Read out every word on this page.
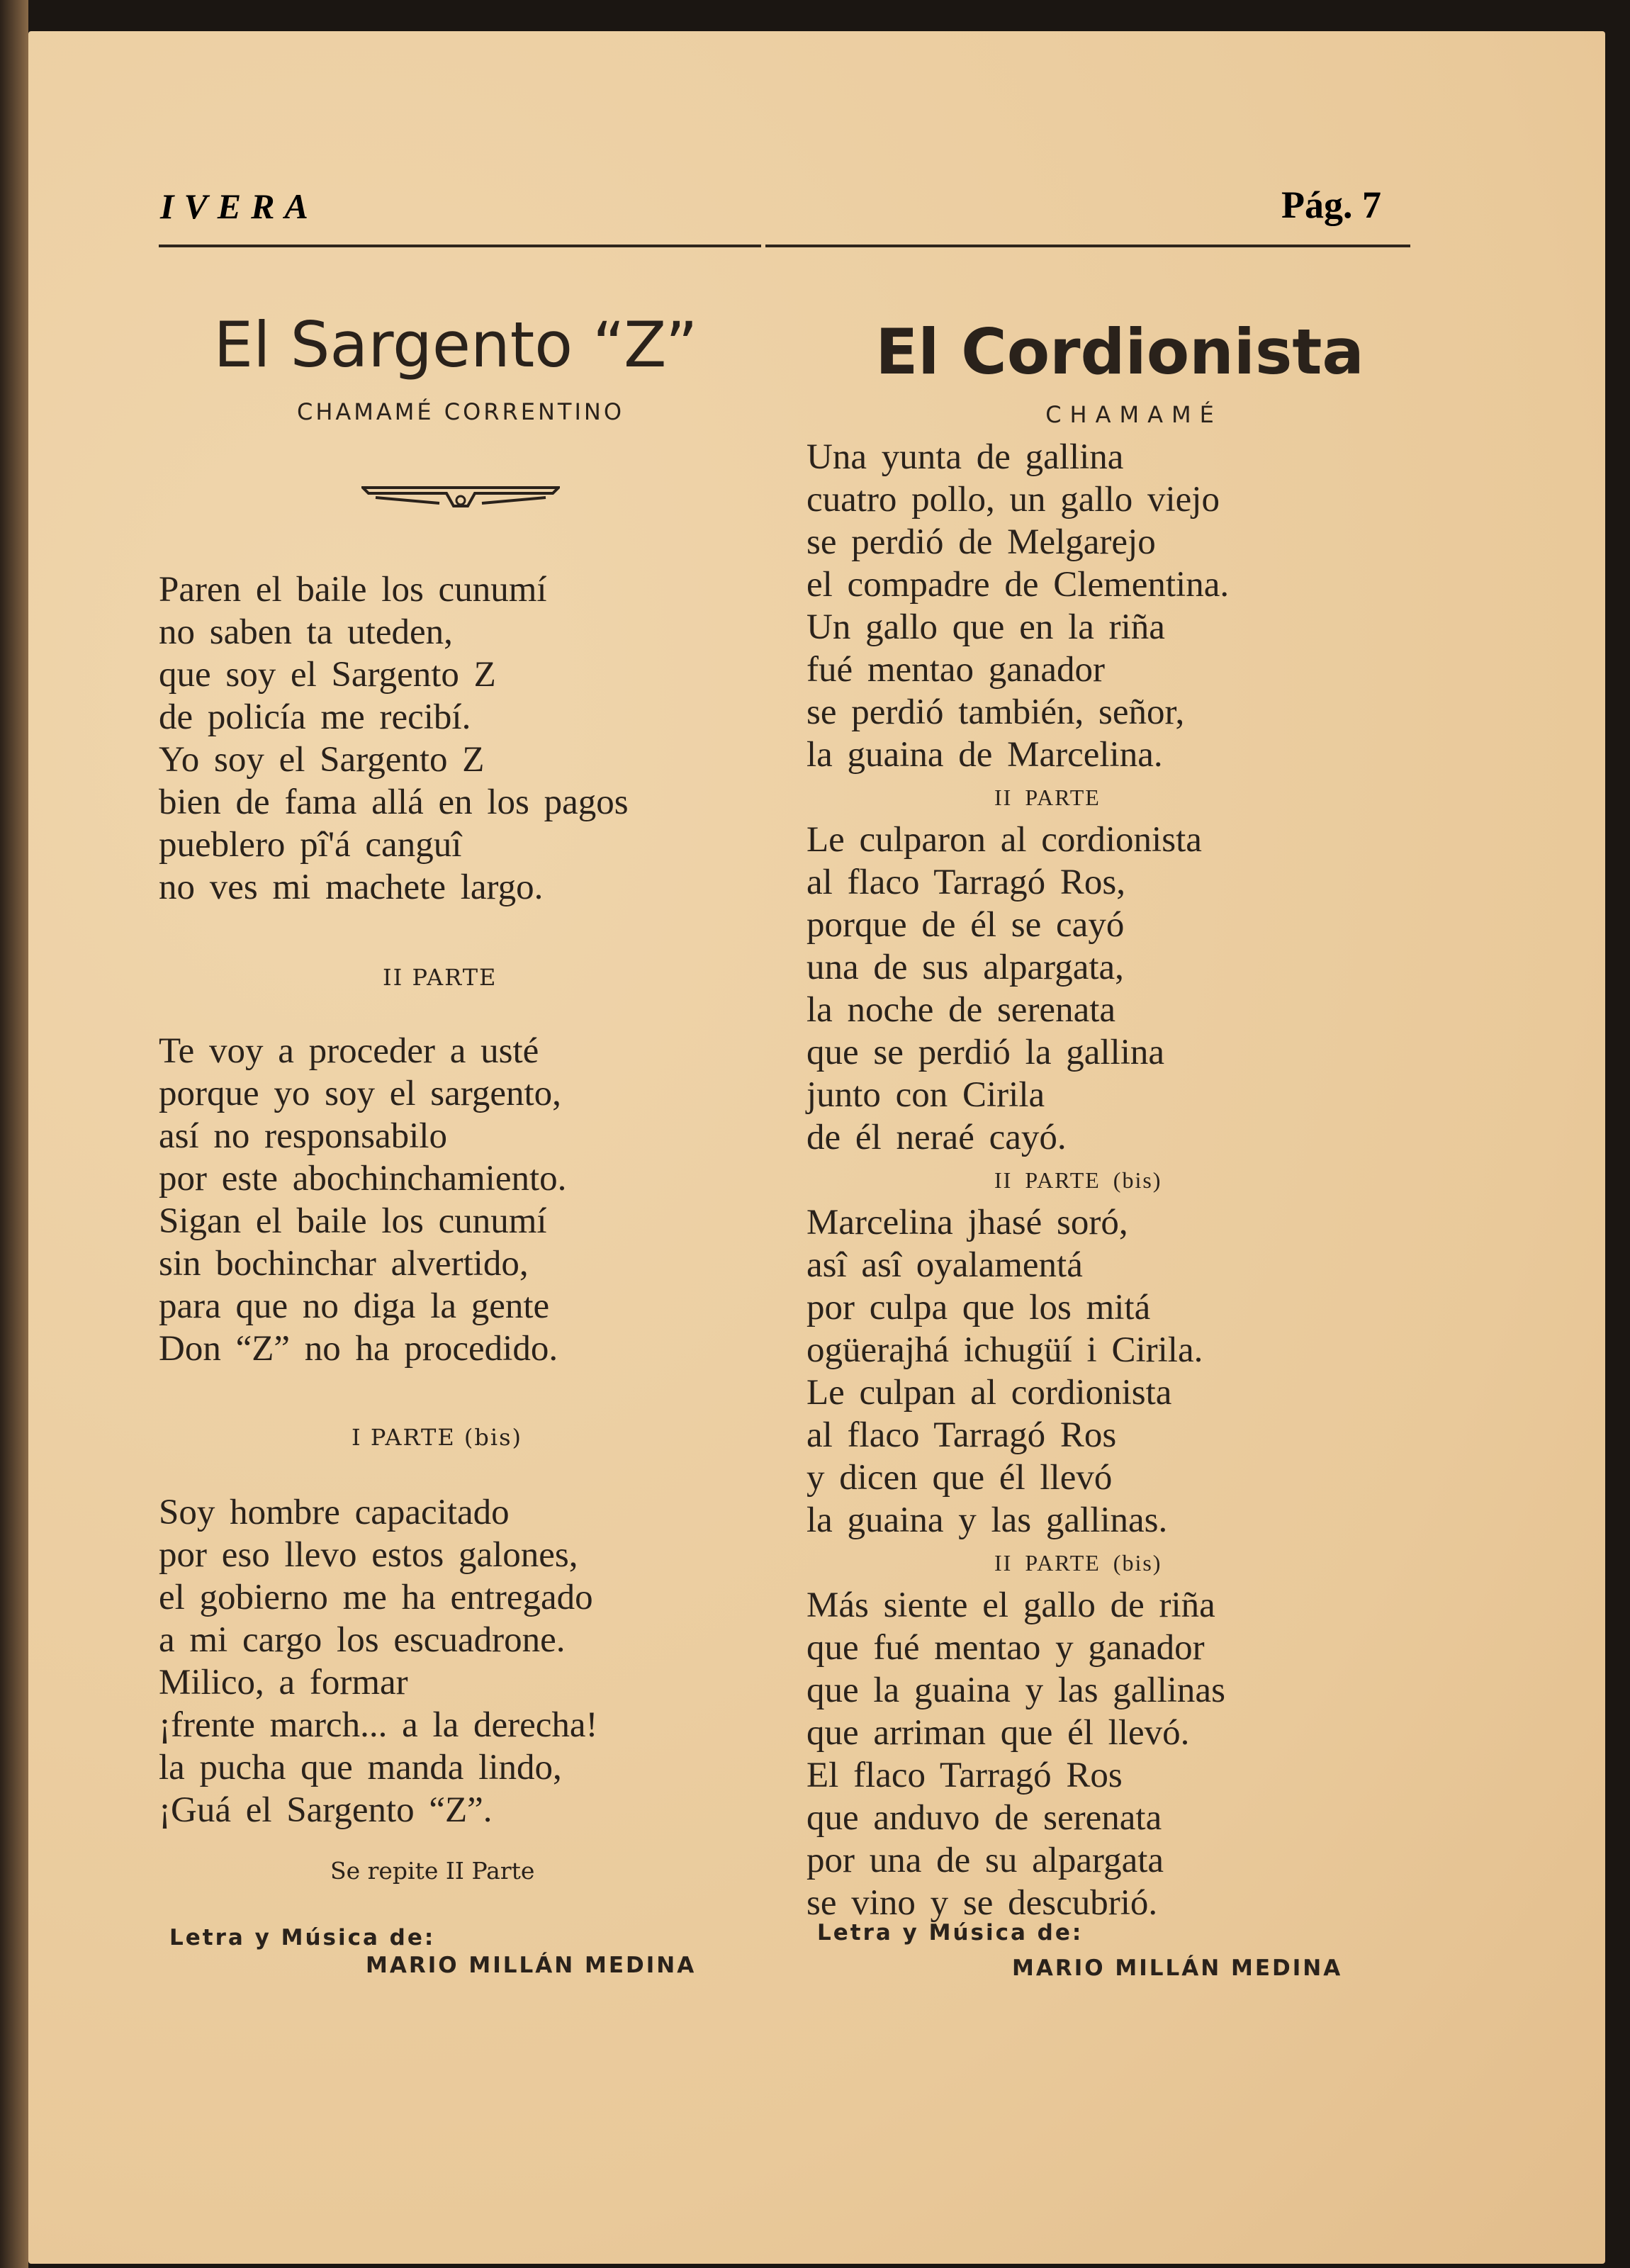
IVERA	Pág. 7
El Sargento “Z”
CHAMAMÉ CORRENTINO
Paren el baile los cunumí
no saben ta uteden,
que soy el Sargento Z
de policía me recibí.
Yo soy el Sargento Z
bien de fama allá en los pagos
pueblero pî'á canguî
no ves mi machete largo.
II PARTE
Te voy a proceder a usté
porque yo soy el sargento,
así no responsabilo
por este abochinchamiento.
Sigan el baile los cunumí
sin bochinchar alvertido,
para que no diga la gente
Don “Z” no ha procedido.
I PARTE (bis)
Soy hombre capacitado
por eso llevo estos galones,
el gobierno me ha entregado
a mi cargo los escuadrone.
Milico, a formar
¡frente march... a la derecha!
la pucha que manda lindo,
¡Guá el Sargento “Z”.
Se repite II Parte
Letra y Música de:
MARIO MILLÁN MEDINA
El Cordionista
CHAMAMÉ
Una yunta de gallina
cuatro pollo, un gallo viejo
se perdió de Melgarejo
el compadre de Clementina.
Un gallo que en la riña
fué mentao ganador
se perdió también, señor,
la guaina de Marcelina.
II PARTE
Le culparon al cordionista
al flaco Tarragó Ros,
porque de él se cayó
una de sus alpargata,
la noche de serenata
que se perdió la gallina
junto con Cirila
de él neraé cayó.
II PARTE (bis)
Marcelina jhasé soró,
asî asî oyalamentá
por culpa que los mitá
ogüerajhá ichugüí i Cirila.
Le culpan al cordionista
al flaco Tarragó Ros
y dicen que él llevó
la guaina y las gallinas.
II PARTE (bis)
Más siente el gallo de riña
que fué mentao y ganador
que la guaina y las gallinas
que arriman que él llevó.
El flaco Tarragó Ros
que anduvo de serenata
por una de su alpargata
se vino y se descubrió.
Letra y Música de:
MARIO MILLÁN MEDINA
